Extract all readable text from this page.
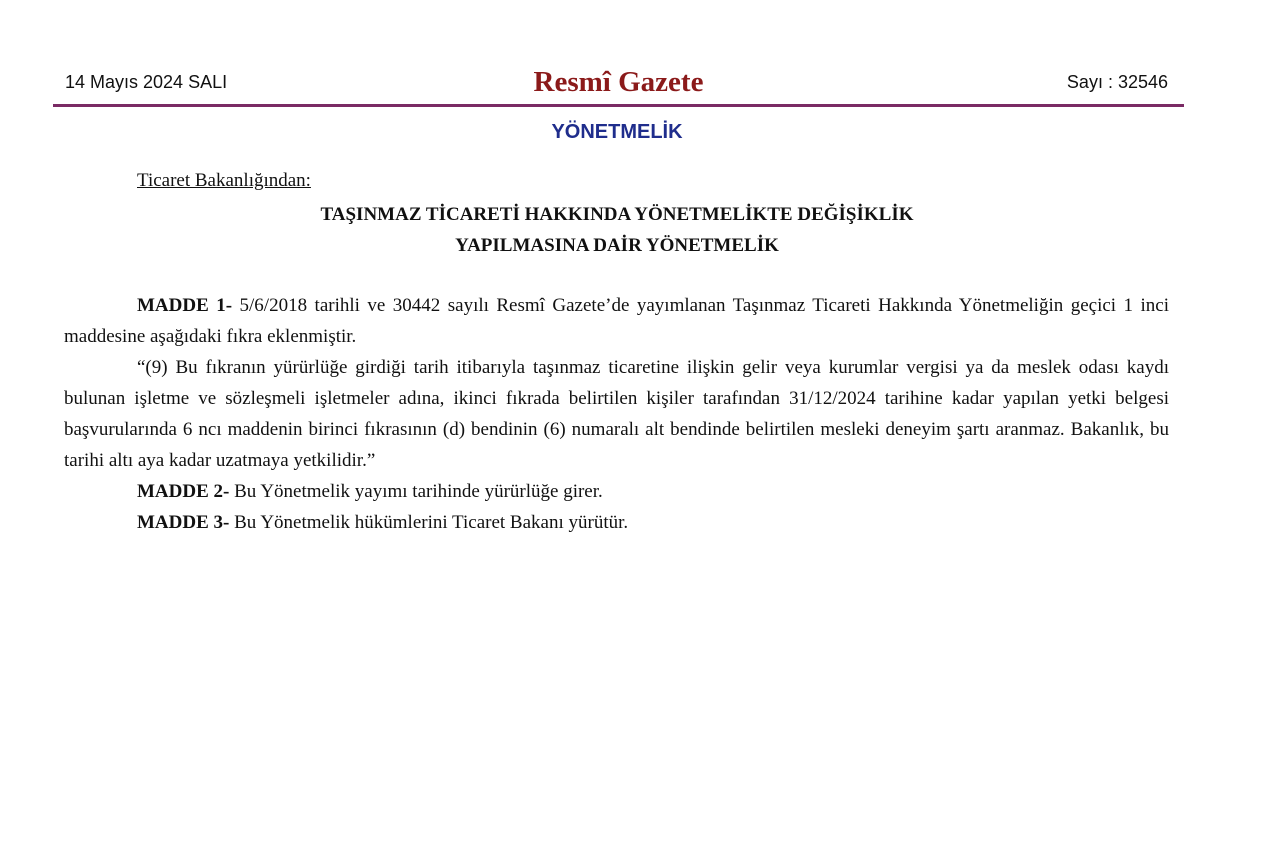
14 Mayıs 2024 SALI	Resmî Gazete	Sayı : 32546
YÖNETMELİK
Ticaret Bakanlığından:
TAŞINMAZ TİCARETİ HAKKINDA YÖNETMELİKTE DEĞİŞİKLİK
YAPILMASINA DAİR YÖNETMELİK

MADDE 1- 5/6/2018 tarihli ve 30442 sayılı Resmî Gazete’de yayımlanan Taşınmaz Ticareti Hakkında Yönetmeliğin geçici 1 inci maddesine aşağıdaki fıkra eklenmiştir.

“(9) Bu fıkranın yürürlüğe girdiği tarih itibarıyla taşınmaz ticaretine ilişkin gelir veya kurumlar vergisi ya da meslek odası kaydı bulunan işletme ve sözleşmeli işletmeler adına, ikinci fıkrada belirtilen kişiler tarafından 31/12/2024 tarihine kadar yapılan yetki belgesi başvurularında 6 ncı maddenin birinci fıkrasının (d) bendinin (6) numaralı alt bendinde belirtilen mesleki deneyim şartı aranmaz. Bakanlık, bu tarihi altı aya kadar uzatmaya yetkilidir.”

MADDE 2- Bu Yönetmelik yayımı tarihinde yürürlüğe girer.

MADDE 3- Bu Yönetmelik hükümlerini Ticaret Bakanı yürütür.
